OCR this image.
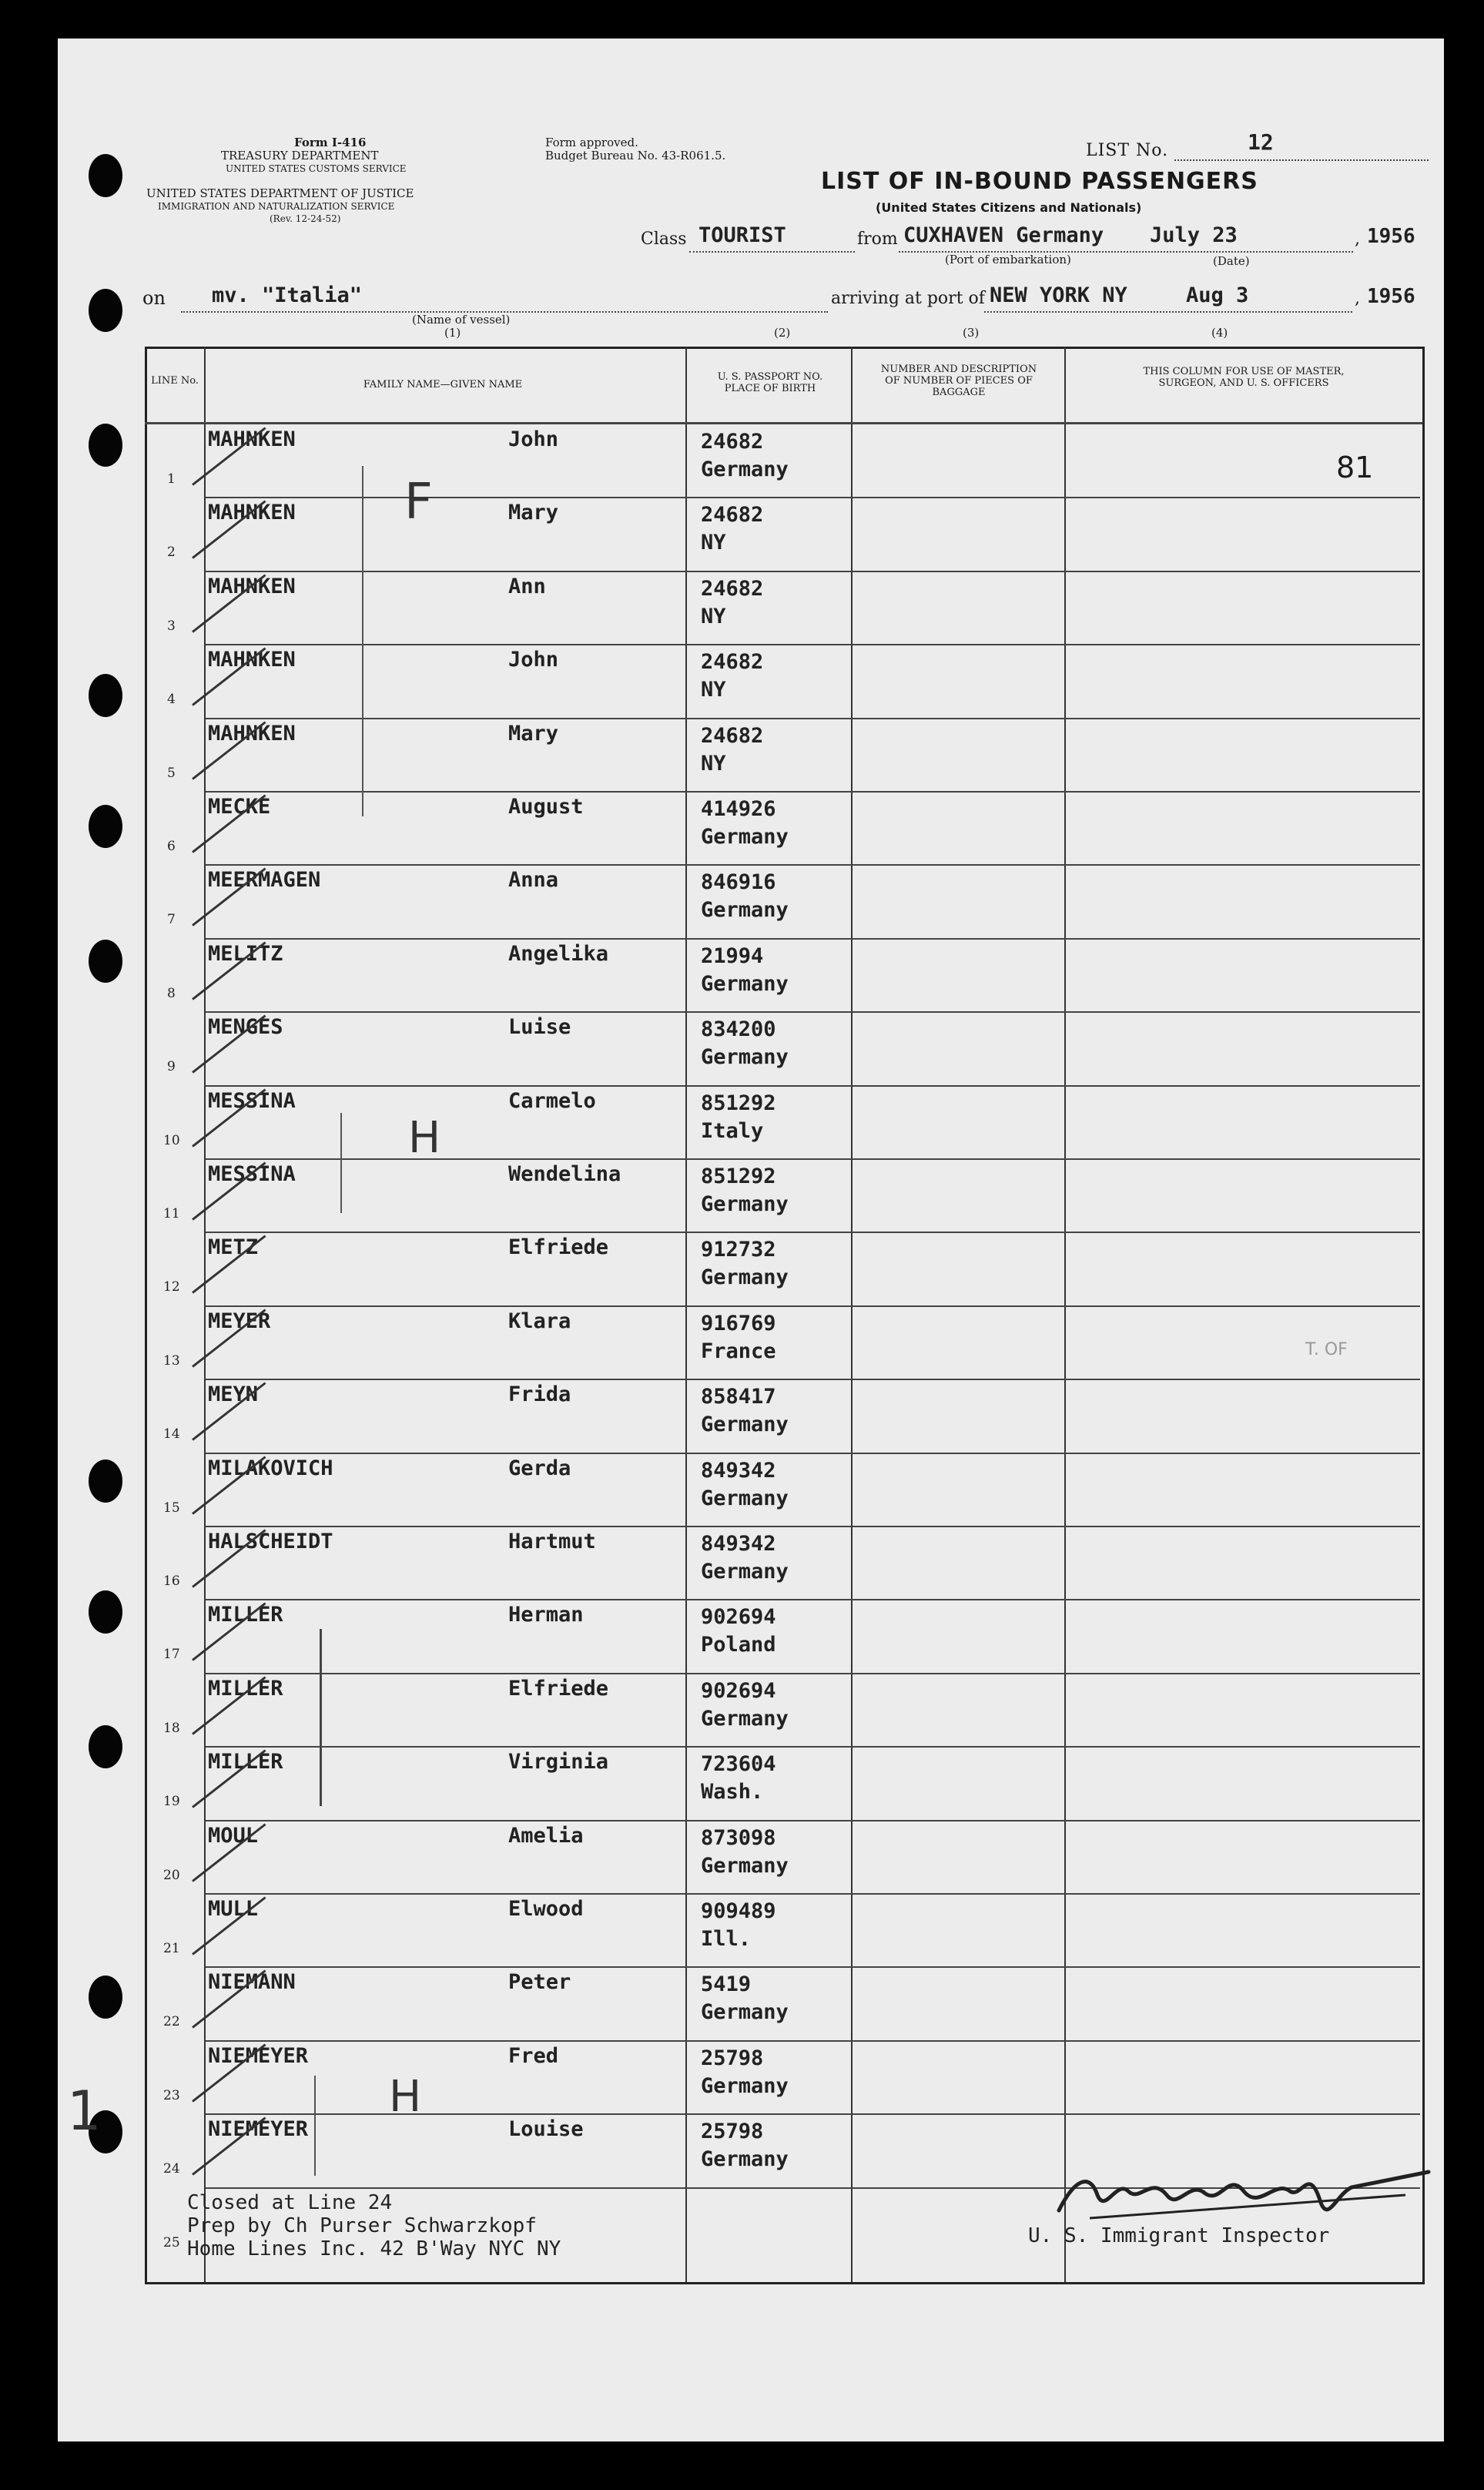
Form I-416
TREASURY DEPARTMENT
UNITED STATES CUSTOMS SERVICE
UNITED STATES DEPARTMENT OF JUSTICE
IMMIGRATION AND NATURALIZATION SERVICE
(Rev. 12-24-52)
Form approved.
Budget Bureau No. 43-R061.5.	LIST No.	12
LIST OF IN-BOUND PASSENGERS
(United States Citizens and Nationals)
Class TOURIST	from CUXHAVEN Germany July 23	, 1956
(Port of embarkation)	(Date)
on mv. "Italia"	arriving at port of NEW YORK NY	Aug 3	, 1956
(Name of vessel)
(1)	(2)	(3)	(4)
81
LINE No.	FAMILY NAME—GIVEN NAME
U. S. PASSPORT NO. PLACE OF BIRTH
NUMBER AND DESCRIPTION OF NUMBER OF PIECES OF BAGGAGE
THIS COLUMN FOR USE OF MASTER, SURGEON, AND U. S. OFFICERS
1
MAHNKEN	John	24682
Germany
2
MAHNKEN	Mary	24682
NY
3
MAHNKEN	Ann	24682
NY
4
MAHNKEN	John	24682
NY
5
MAHNKEN	Mary	24682
NY
6
MECKE	August	414926
Germany
7
MEERMAGEN	Anna	846916
Germany
8
MELITZ	Angelika	21994
Germany
9
MENGES	Luise	834200
Germany
10
MESSINA	Carmelo	851292
Italy
11
MESSINA	Wendelina	851292
Germany
12
METZ	Elfriede	912732
Germany
13
MEYER	Klara	916769
France
14
MEYN	Frida	858417
Germany
15
MILAKOVICH	Gerda	849342
Germany
16
HALSCHEIDT	Hartmut	849342
Germany
17
MILLER	Herman	902694
Poland
18
MILLER	Elfriede	902694
Germany
19
MILLER	Virginia	723604
Wash.
20
MOUL	Amelia	873098
Germany
21
MULL	Elwood	909489
Ill.
22
NIEMANN	Peter	5419
Germany
23
NIEMEYER	Fred	25798
Germany
24
NIEMEYER	Louise	25798
Germany
25
F
H
H
1
T. OF
Closed at Line 24
Prep by Ch Purser Schwarzkopf
Home Lines Inc. 42 B'Way NYC NY
U. S. Immigrant Inspector
